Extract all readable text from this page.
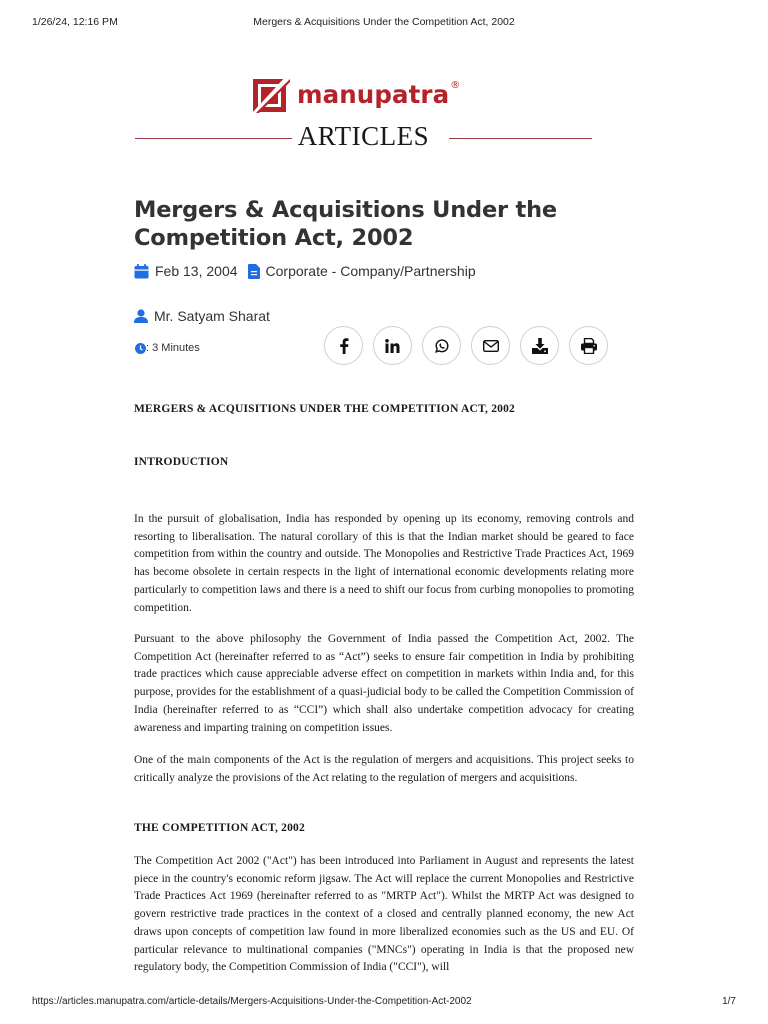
1/26/24, 12:16 PM	Mergers & Acquisitions Under the Competition Act, 2002
manupatra ®
ARTICLES
Mergers & Acquisitions Under the Competition Act, 2002
Feb 13, 2004 Corporate - Company/Partnership
Mr. Satyam Sharat
: 3 Minutes
MERGERS & ACQUISITIONS UNDER THE COMPETITION ACT, 2002
INTRODUCTION

In the pursuit of globalisation, India has responded by opening up its economy, removing controls and resorting to liberalisation. The natural corollary of this is that the Indian market should be geared to face competition from within the country and outside. The Monopolies and Restrictive Trade Practices Act, 1969 has become obsolete in certain respects in the light of international economic developments relating more particularly to competition laws and there is a need to shift our focus from curbing monopolies to promoting competition.

Pursuant to the above philosophy the Government of India passed the Competition Act, 2002. The Competition Act (hereinafter referred to as “Act”) seeks to ensure fair competition in India by prohibiting trade practices which cause appreciable adverse effect on competition in markets within India and, for this purpose, provides for the establishment of a quasi-judicial body to be called the Competition Commission of India (hereinafter referred to as “CCI”) which shall also undertake competition advocacy for creating awareness and imparting training on competition issues.

One of the main components of the Act is the regulation of mergers and acquisitions. This project seeks to critically analyze the provisions of the Act relating to the regulation of mergers and acquisitions.

THE COMPETITION ACT, 2002

The Competition Act 2002 ("Act") has been introduced into Parliament in August and represents the latest piece in the country's economic reform jigsaw. The Act will replace the current Monopolies and Restrictive Trade Practices Act 1969 (hereinafter referred to as "MRTP Act"). Whilst the MRTP Act was designed to govern restrictive trade practices in the context of a closed and centrally planned economy, the new Act draws upon concepts of competition law found in more liberalized economies such as the US and EU. Of particular relevance to multinational companies ("MNCs") operating in India is that the proposed new regulatory body, the Competition Commission of India ("CCI"), will

https://articles.manupatra.com/article-details/Mergers-Acquisitions-Under-the-Competition-Act-2002	1/7
